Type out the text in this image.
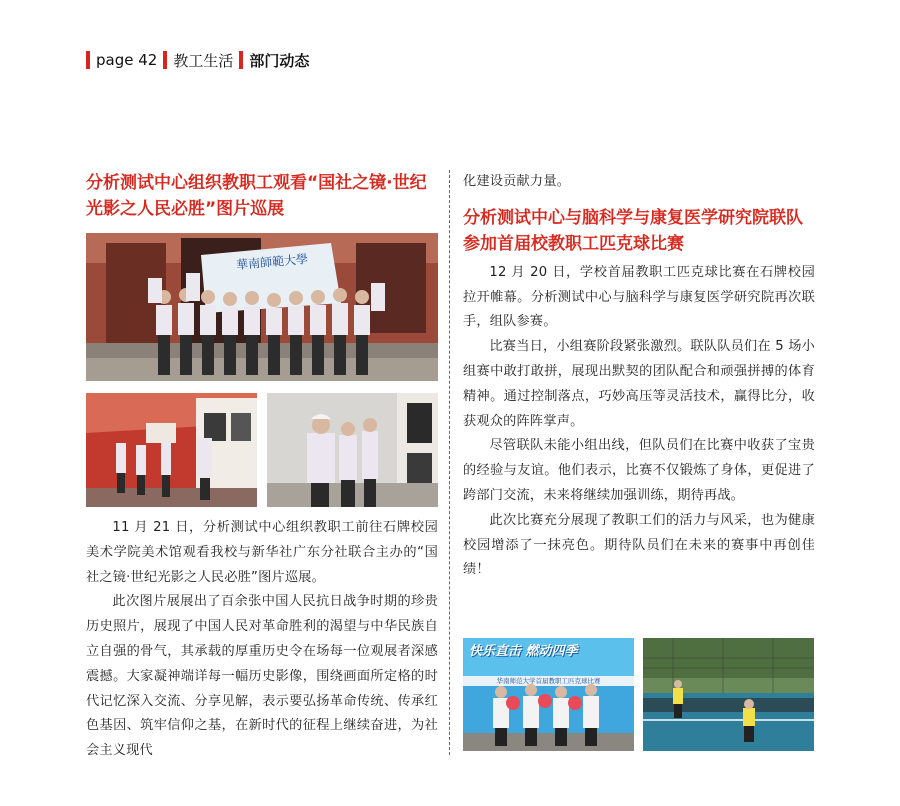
page 42 教工生活 部门动态
分析测试中心组织教职工观看“国社之镜·世纪光影之人民必胜”图片巡展
華南師範大學

11 月 21 日，分析测试中心组织教职工前往石牌校园美术学院美术馆观看我校与新华社广东分社联合主办的“国社之镜·世纪光影之人民必胜”图片巡展。

此次图片展展出了百余张中国人民抗日战争时期的珍贵历史照片，展现了中国人民对革命胜利的渴望与中华民族自立自强的骨气，其承载的厚重历史令在场每一位观展者深感震撼。大家凝神端详每一幅历史影像，围绕画面所定格的时代记忆深入交流、分享见解，表示要弘扬革命传统、传承红色基因、筑牢信仰之基，在新时代的征程上继续奋进，为社会主义现代

化建设贡献力量。

分析测试中心与脑科学与康复医学研究院联队参加首届校教职工匹克球比赛

12 月 20 日，学校首届教职工匹克球比赛在石牌校园拉开帷幕。分析测试中心与脑科学与康复医学研究院再次联手，组队参赛。

比赛当日，小组赛阶段紧张激烈。联队队员们在 5 场小组赛中敢打敢拼，展现出默契的团队配合和顽强拼搏的体育精神。通过控制落点，巧妙高压等灵活技术，赢得比分，收获观众的阵阵掌声。

尽管联队未能小组出线，但队员们在比赛中收获了宝贵的经验与友谊。他们表示，比赛不仅锻炼了身体，更促进了跨部门交流，未来将继续加强训练，期待再战。

此次比赛充分展现了教职工们的活力与风采，也为健康校园增添了一抹亮色。期待队员们在未来的赛事中再创佳绩！

快乐直击 燃动四季
华南师范大学首届教职工匹克球比赛
